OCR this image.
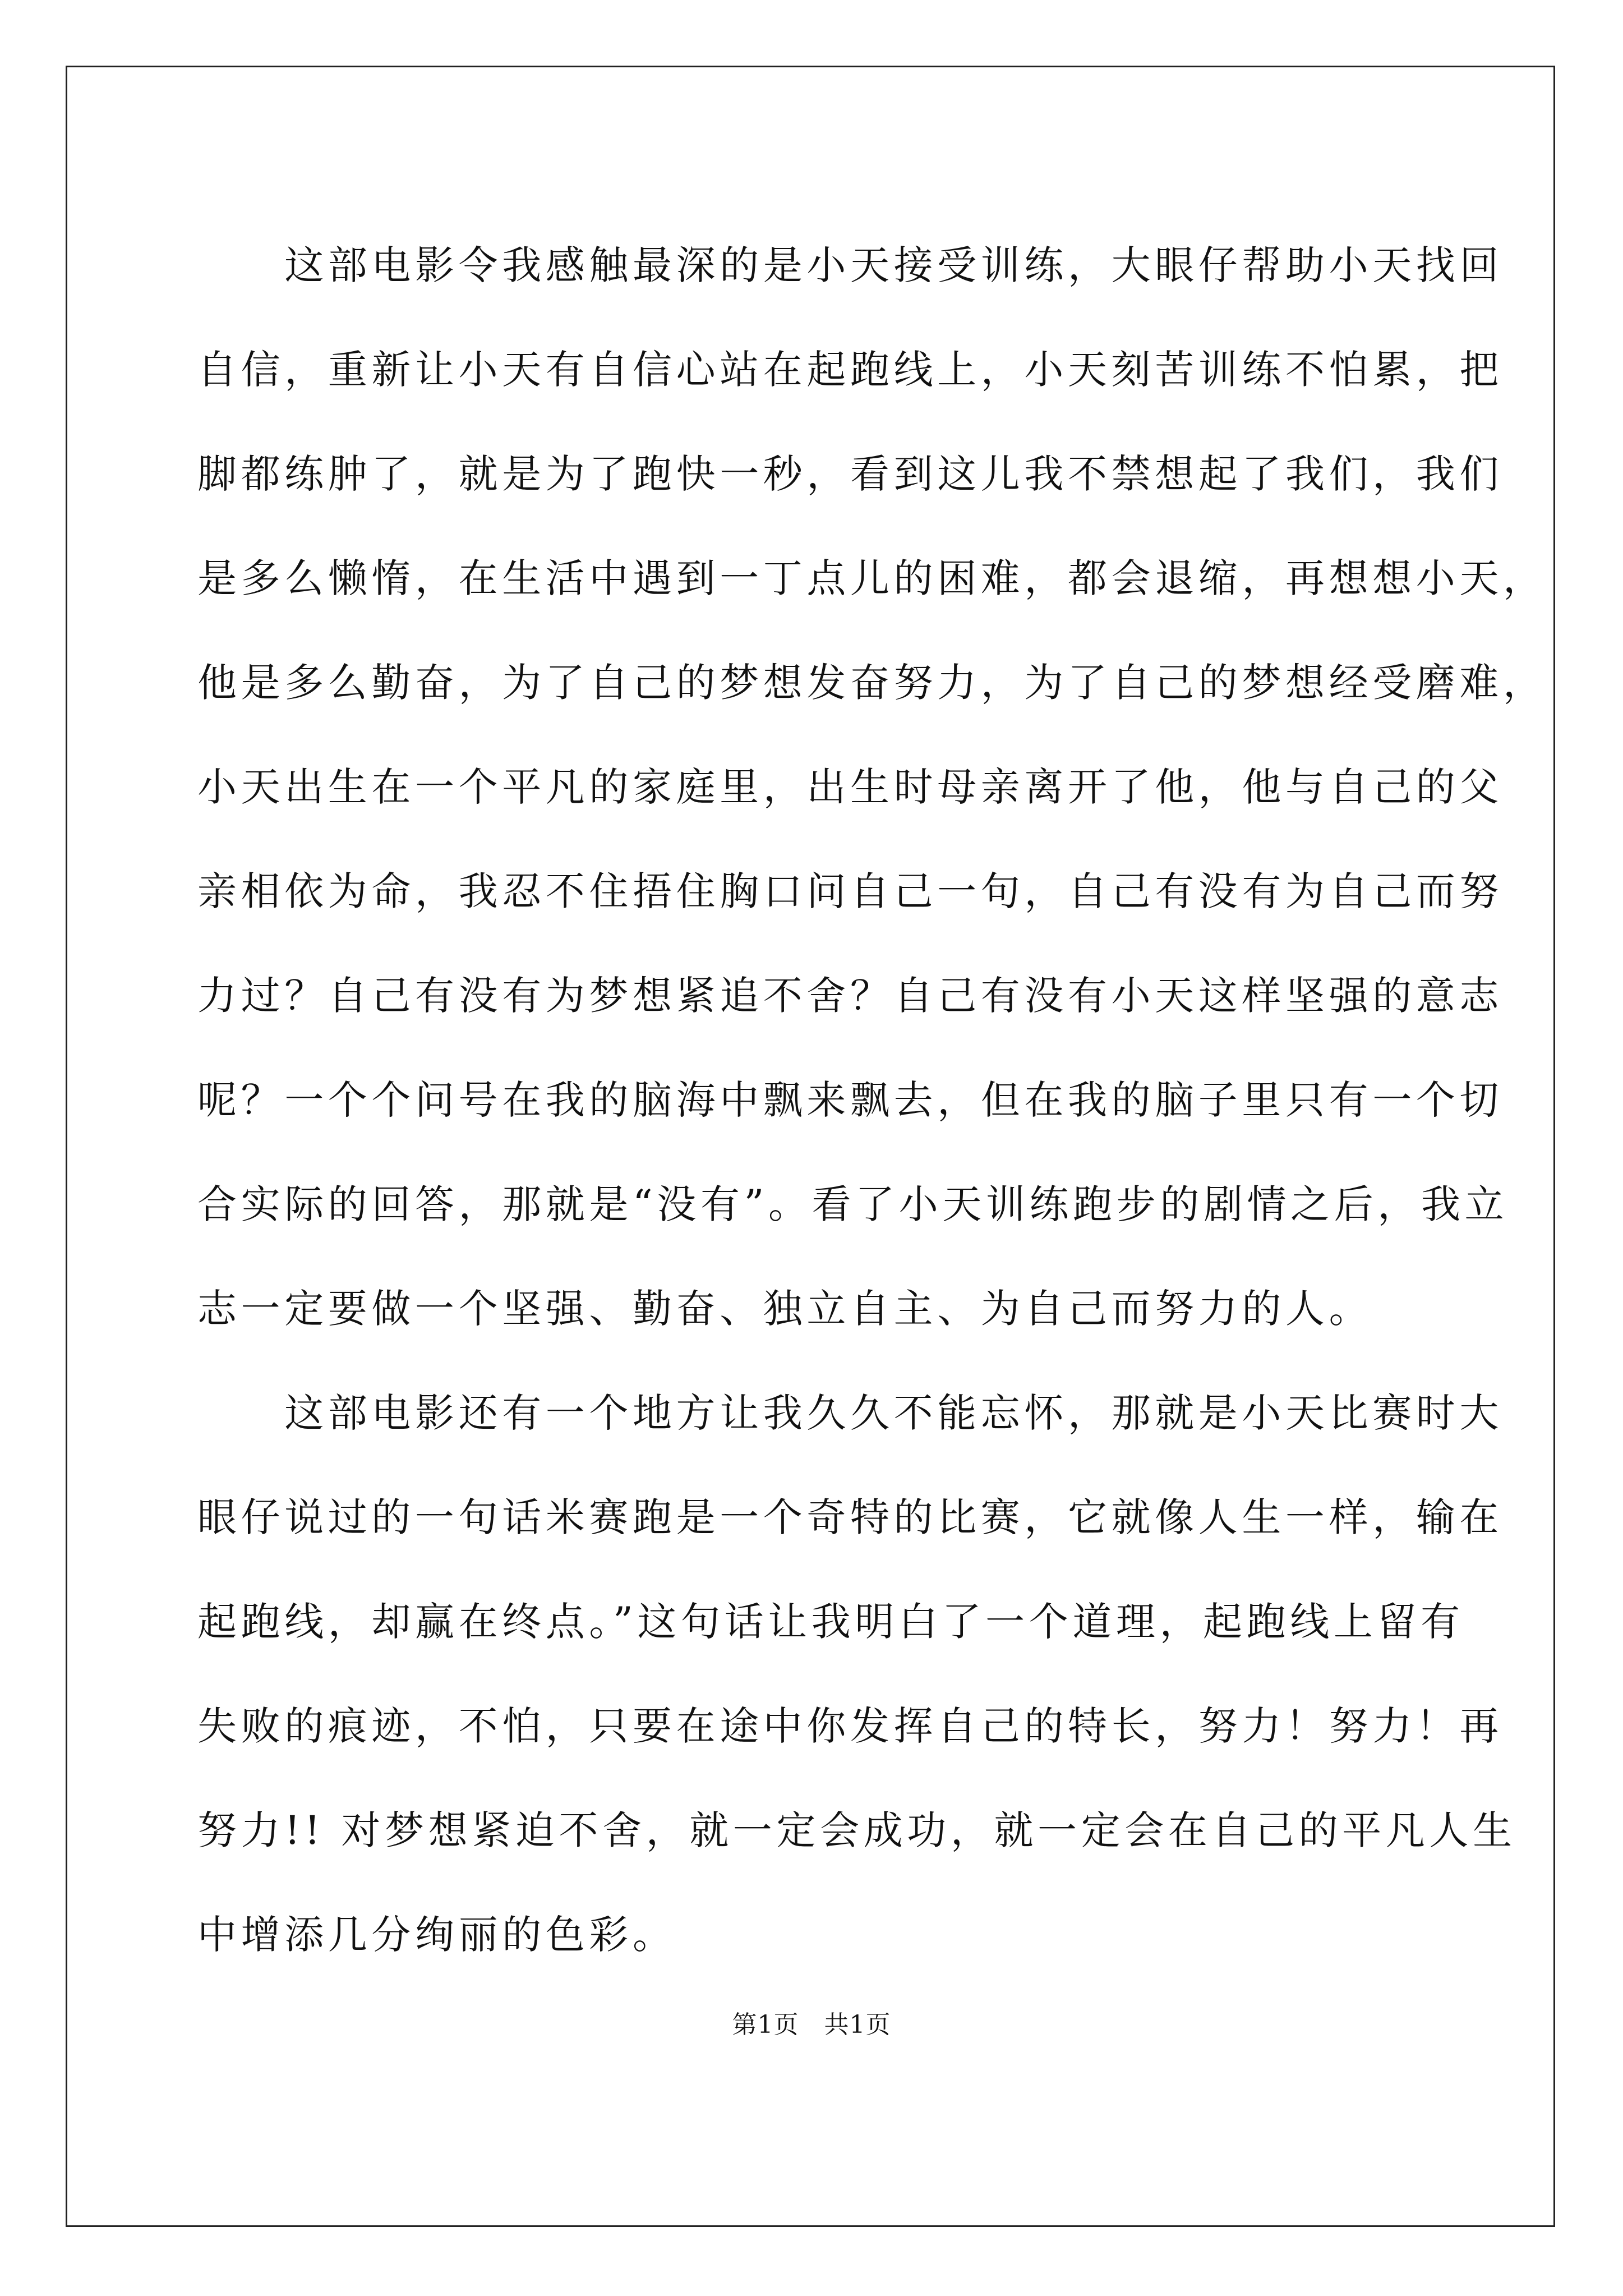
　　这部电影令我感触最深的是小天接受训练，大眼仔帮助小天找回
自信，重新让小天有自信心站在起跑线上，小天刻苦训练不怕累，把
脚都练肿了，就是为了跑快一秒，看到这儿我不禁想起了我们，我们
是多么懒惰，在生活中遇到一丁点儿的困难，都会退缩，再想想小天，
他是多么勤奋，为了自己的梦想发奋努力，为了自己的梦想经受磨难，
小天出生在一个平凡的家庭里，出生时母亲离开了他，他与自己的父
亲相依为命，我忍不住捂住胸口问自己一句，自己有没有为自己而努
力过？自己有没有为梦想紧追不舍？自己有没有小天这样坚强的意志
呢？一个个问号在我的脑海中飘来飘去，但在我的脑子里只有一个切
合实际的回答，那就是“没有”。看了小天训练跑步的剧情之后，我立
志一定要做一个坚强、勤奋、独立自主、为自己而努力的人。
　　这部电影还有一个地方让我久久不能忘怀，那就是小天比赛时大
眼仔说过的一句话米赛跑是一个奇特的比赛，它就像人生一样，输在
起跑线，却赢在终点。”这句话让我明白了一个道理，起跑线上留有
失败的痕迹，不怕，只要在途中你发挥自己的特长，努力！努力！再
努力!! 对梦想紧迫不舍，就一定会成功，就一定会在自己的平凡人生
中增添几分绚丽的色彩。
第1页　共1页
